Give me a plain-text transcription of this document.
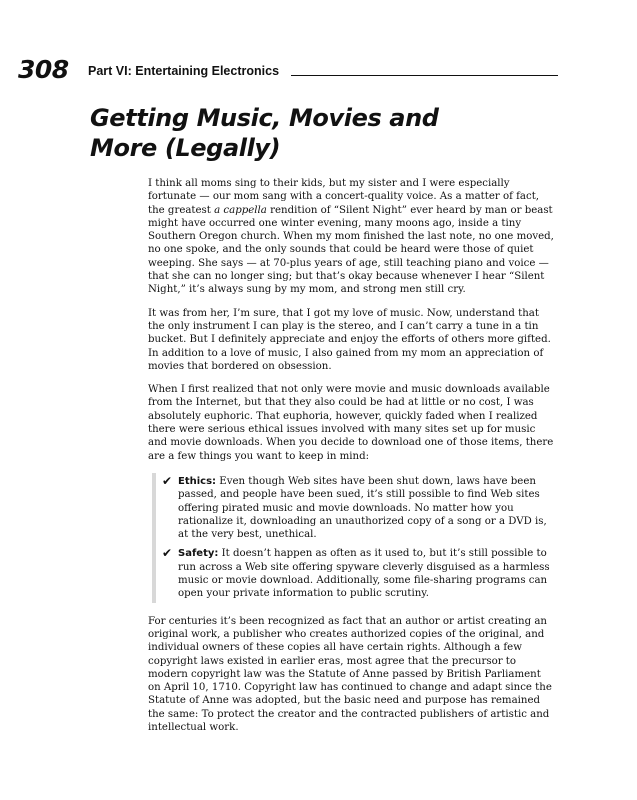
308 Part VI: Entertaining Electronics
Getting Music, Movies and More (Legally)

I think all moms sing to their kids, but my sister and I were especially fortunate — our mom sang with a concert-quality voice. As a matter of fact, the greatest a cappella rendition of “Silent Night” ever heard by man or beast might have occurred one winter evening, many moons ago, inside a tiny Southern Oregon church. When my mom finished the last note, no one moved, no one spoke, and the only sounds that could be heard were those of quiet weeping. She says — at 70-plus years of age, still teaching piano and voice — that she can no longer sing; but that’s okay because whenever I hear “Silent Night,” it’s always sung by my mom, and strong men still cry.

It was from her, I’m sure, that I got my love of music. Now, understand that the only instrument I can play is the stereo, and I can’t carry a tune in a tin bucket. But I definitely appreciate and enjoy the efforts of others more gifted. In addition to a love of music, I also gained from my mom an appreciation of movies that bordered on obsession.

When I first realized that not only were movie and music downloads available from the Internet, but that they also could be had at little or no cost, I was absolutely euphoric. That euphoria, however, quickly faded when I realized there were serious ethical issues involved with many sites set up for music and movie downloads. When you decide to download one of those items, there are a few things you want to keep in mind:

✔ Ethics: Even though Web sites have been shut down, laws have been passed, and people have been sued, it’s still possible to find Web sites offering pirated music and movie downloads. No matter how you rationalize it, downloading an unauthorized copy of a song or a DVD is, at the very best, unethical.
✔ Safety: It doesn’t happen as often as it used to, but it’s still possible to run across a Web site offering spyware cleverly disguised as a harmless music or movie download. Additionally, some file-sharing programs can open your private information to public scrutiny.

For centuries it’s been recognized as fact that an author or artist creating an original work, a publisher who creates authorized copies of the original, and individual owners of these copies all have certain rights. Although a few copyright laws existed in earlier eras, most agree that the precursor to modern copyright law was the Statute of Anne passed by British Parliament on April 10, 1710. Copyright law has continued to change and adapt since the Statute of Anne was adopted, but the basic need and purpose has remained the same: To protect the creator and the contracted publishers of artistic and intellectual work.
